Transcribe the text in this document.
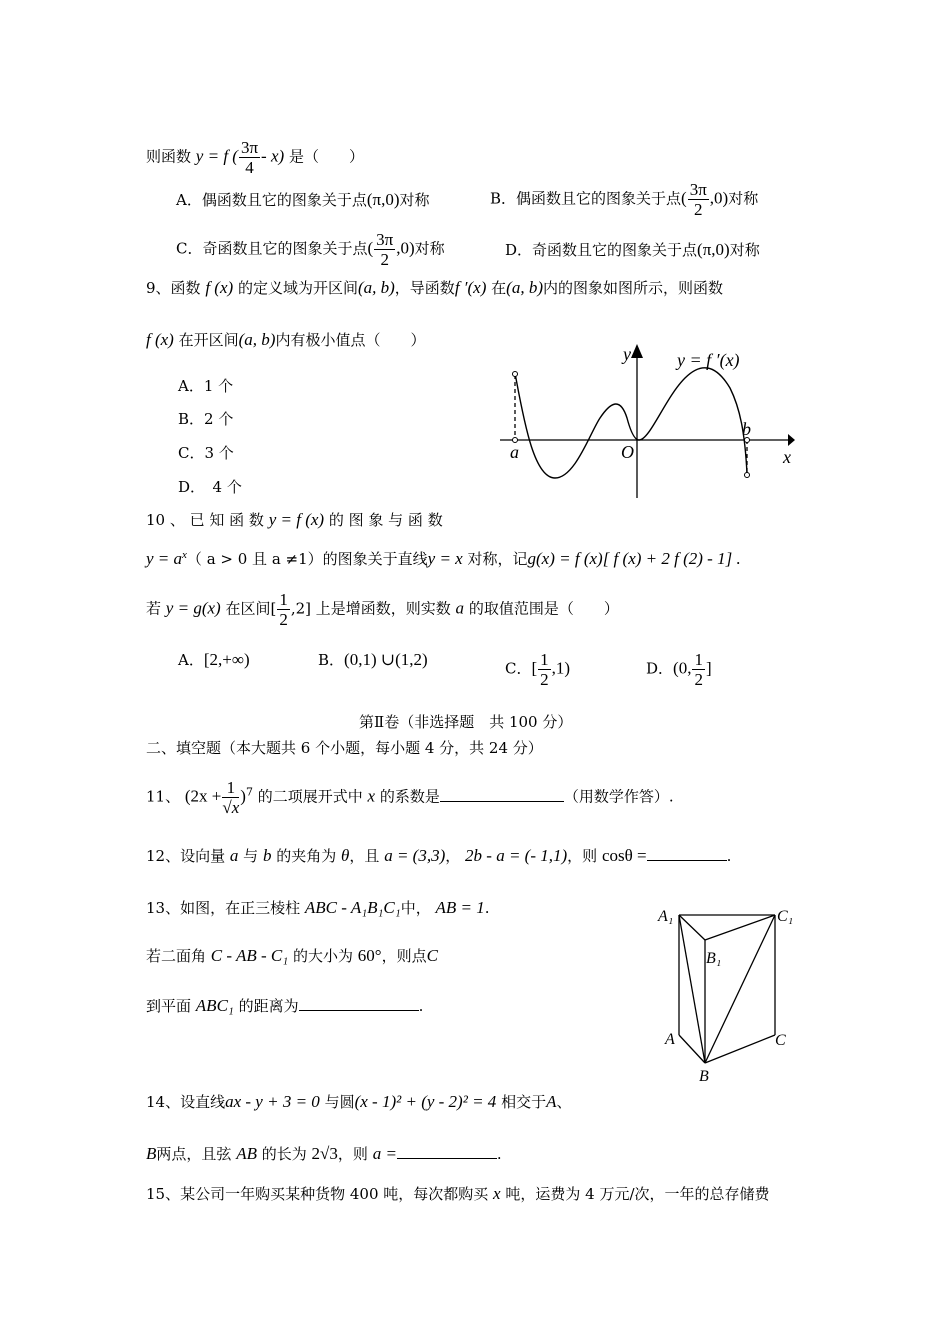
则函数 y = f ( $\frac{3\pi}{4} - x$) 是（　　）
A．偶函数且它的图象关于点(π,0)对称	B．偶函数且它的图象关于点( $\frac{3\pi}{2} ,0$)对称
C．奇函数且它的图象关于点( $\frac{3\pi}{2} ,0$)对称	D．奇函数且它的图象关于点(π,0)对称
9、函数 f (x) 的定义域为开区间(a, b)，导函数f ′(x) 在(a, b)内的图象如图所示，则函数
f (x) 在开区间(a, b)内有极小值点（　　）
A．1 个
B．2 个
C．3 个
D．　4 个
y
x
y = f ′(x)
a
b
O
10 、 已 知 函 数 y = f (x) 的 图 象 与 函 数
$y = a^x$（ a > 0 且 a ≠1）的图象关于直线y = x 对称，记g(x) = f (x)[ f (x) + 2 f (2) - 1] .
若 y = g(x) 在区间[ $\frac{1}{2} ,2$] 上是增函数，则实数 a 的取值范围是（　　）
A．[2,+∞)	B．(0,1) ∪(1,2)	C．[ $\frac{1}{2} ,1$)	D．(0, $\frac{1}{2}$ ]
第Ⅱ卷（非选择题　共 100 分）
二、填空题（本大题共 6 个小题，每小题 4 分，共 24 分）
11、 $(2x + \frac{1}{√x} )^7$ 的二项展开式中 x 的系数是	（用数学作答）.
12、设向量 a 与 b 的夹角为 θ，且 a = (3,3)， 2b - a = (- 1,1)，则 cosθ =	.
13、如图，在正三棱柱 ABC - A₁B₁C₁中， AB = 1.
若二面角 C - AB - C₁ 的大小为 60°，则点C
到平面 ABC₁ 的距离为	.
A₁	C₁
B₁
A	C
B
14、设直线ax - y + 3 = 0 与圆(x - 1)² + (y - 2)² = 4 相交于A、
B两点，且弦 AB 的长为 2√3，则 a =	.
15、某公司一年购买某种货物 400 吨，每次都购买 x 吨，运费为 4 万元/次，一年的总存储费
